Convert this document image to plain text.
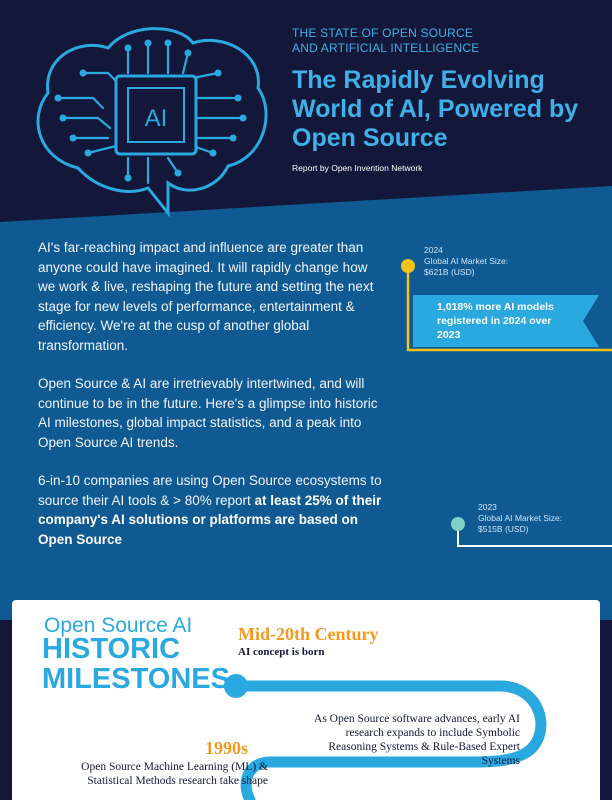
AI
THE STATE OF OPEN SOURCE
AND ARTIFICIAL INTELLIGENCE
The Rapidly Evolving World of AI, Powered by Open Source
Report by Open Invention Network

AI's far-reaching impact and influence are greater than anyone could have imagined. It will rapidly change how we work & live, reshaping the future and setting the next stage for new levels of performance, entertainment & efficiency. We're at the cusp of another global transformation.

Open Source & AI are irretrievably intertwined, and will continue to be in the future. Here's a glimpse into historic AI milestones, global impact statistics, and a peak into Open Source AI trends.

6-in-10 companies are using Open Source ecosystems to source their AI tools & > 80% report at least 25% of their company's AI solutions or platforms are based on Open Source

2024
Global AI Market Size:
$621B (USD)
1,018% more AI models registered in 2024 over 2023
2023
Global AI Market Size:
$515B (USD)
Open Source AI
HISTORIC MILESTONES
Mid-20th Century
AI concept is born
As Open Source software advances, early AI research expands to include Symbolic Reasoning Systems & Rule-Based Expert Systems
1990s
Open Source Machine Learning (ML) & Statistical Methods research take shape
